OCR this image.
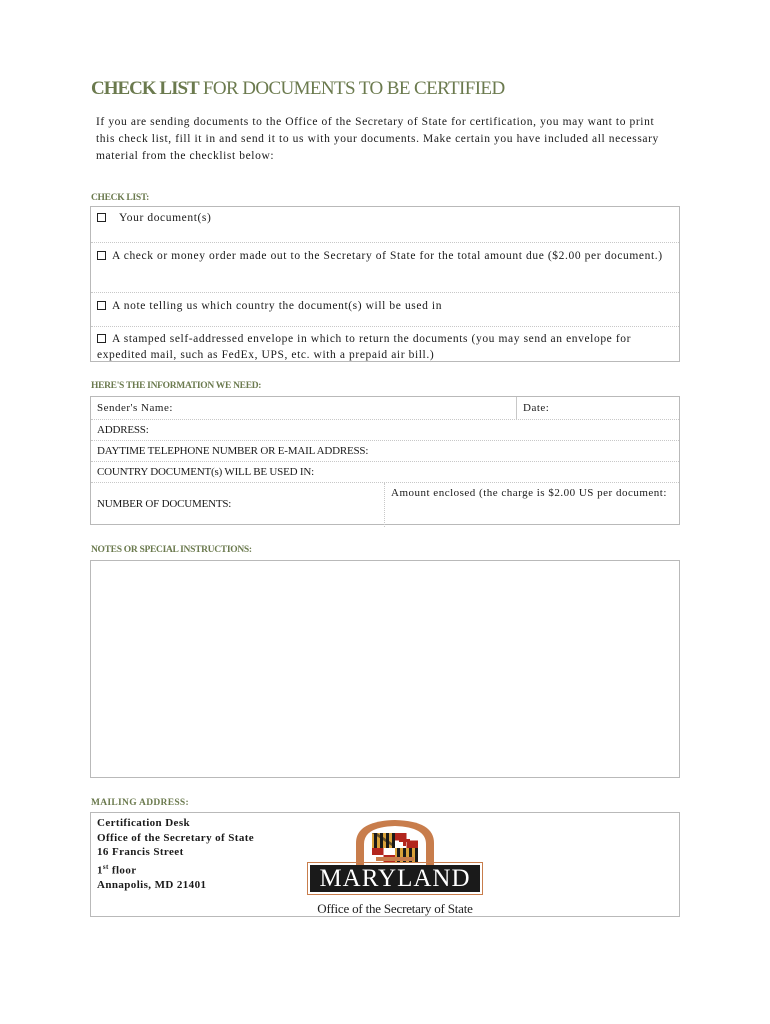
CHECK LIST FOR DOCUMENTS TO BE CERTIFIED
If you are sending documents to the Office of the Secretary of State for certification, you may want to print this check list, fill it in and send it to us with your documents. Make certain you have included all necessary material from the checklist below:
CHECK LIST:
Your document(s)
A check or money order made out to the Secretary of State for the total amount due ($2.00 per document.)
A note telling us which country the document(s) will be used in
A stamped self-addressed envelope in which to return the documents (you may send an envelope for expedited mail, such as FedEx, UPS, etc. with a prepaid air bill.)
HERE'S THE INFORMATION WE NEED:
Sender's Name:	Date:
ADDRESS:
DAYTIME TELEPHONE NUMBER OR E-MAIL ADDRESS:
COUNTRY DOCUMENT(s) WILL BE USED IN:
NUMBER OF DOCUMENTS:
Amount enclosed (the charge is $2.00 US per document:
NOTES OR SPECIAL INSTRUCTIONS:
MAILING ADDRESS:
Certification Desk
Office of the Secretary of State
16 Francis Street
1st floor
Annapolis, MD 21401	MARYLAND
Office of the Secretary of State
